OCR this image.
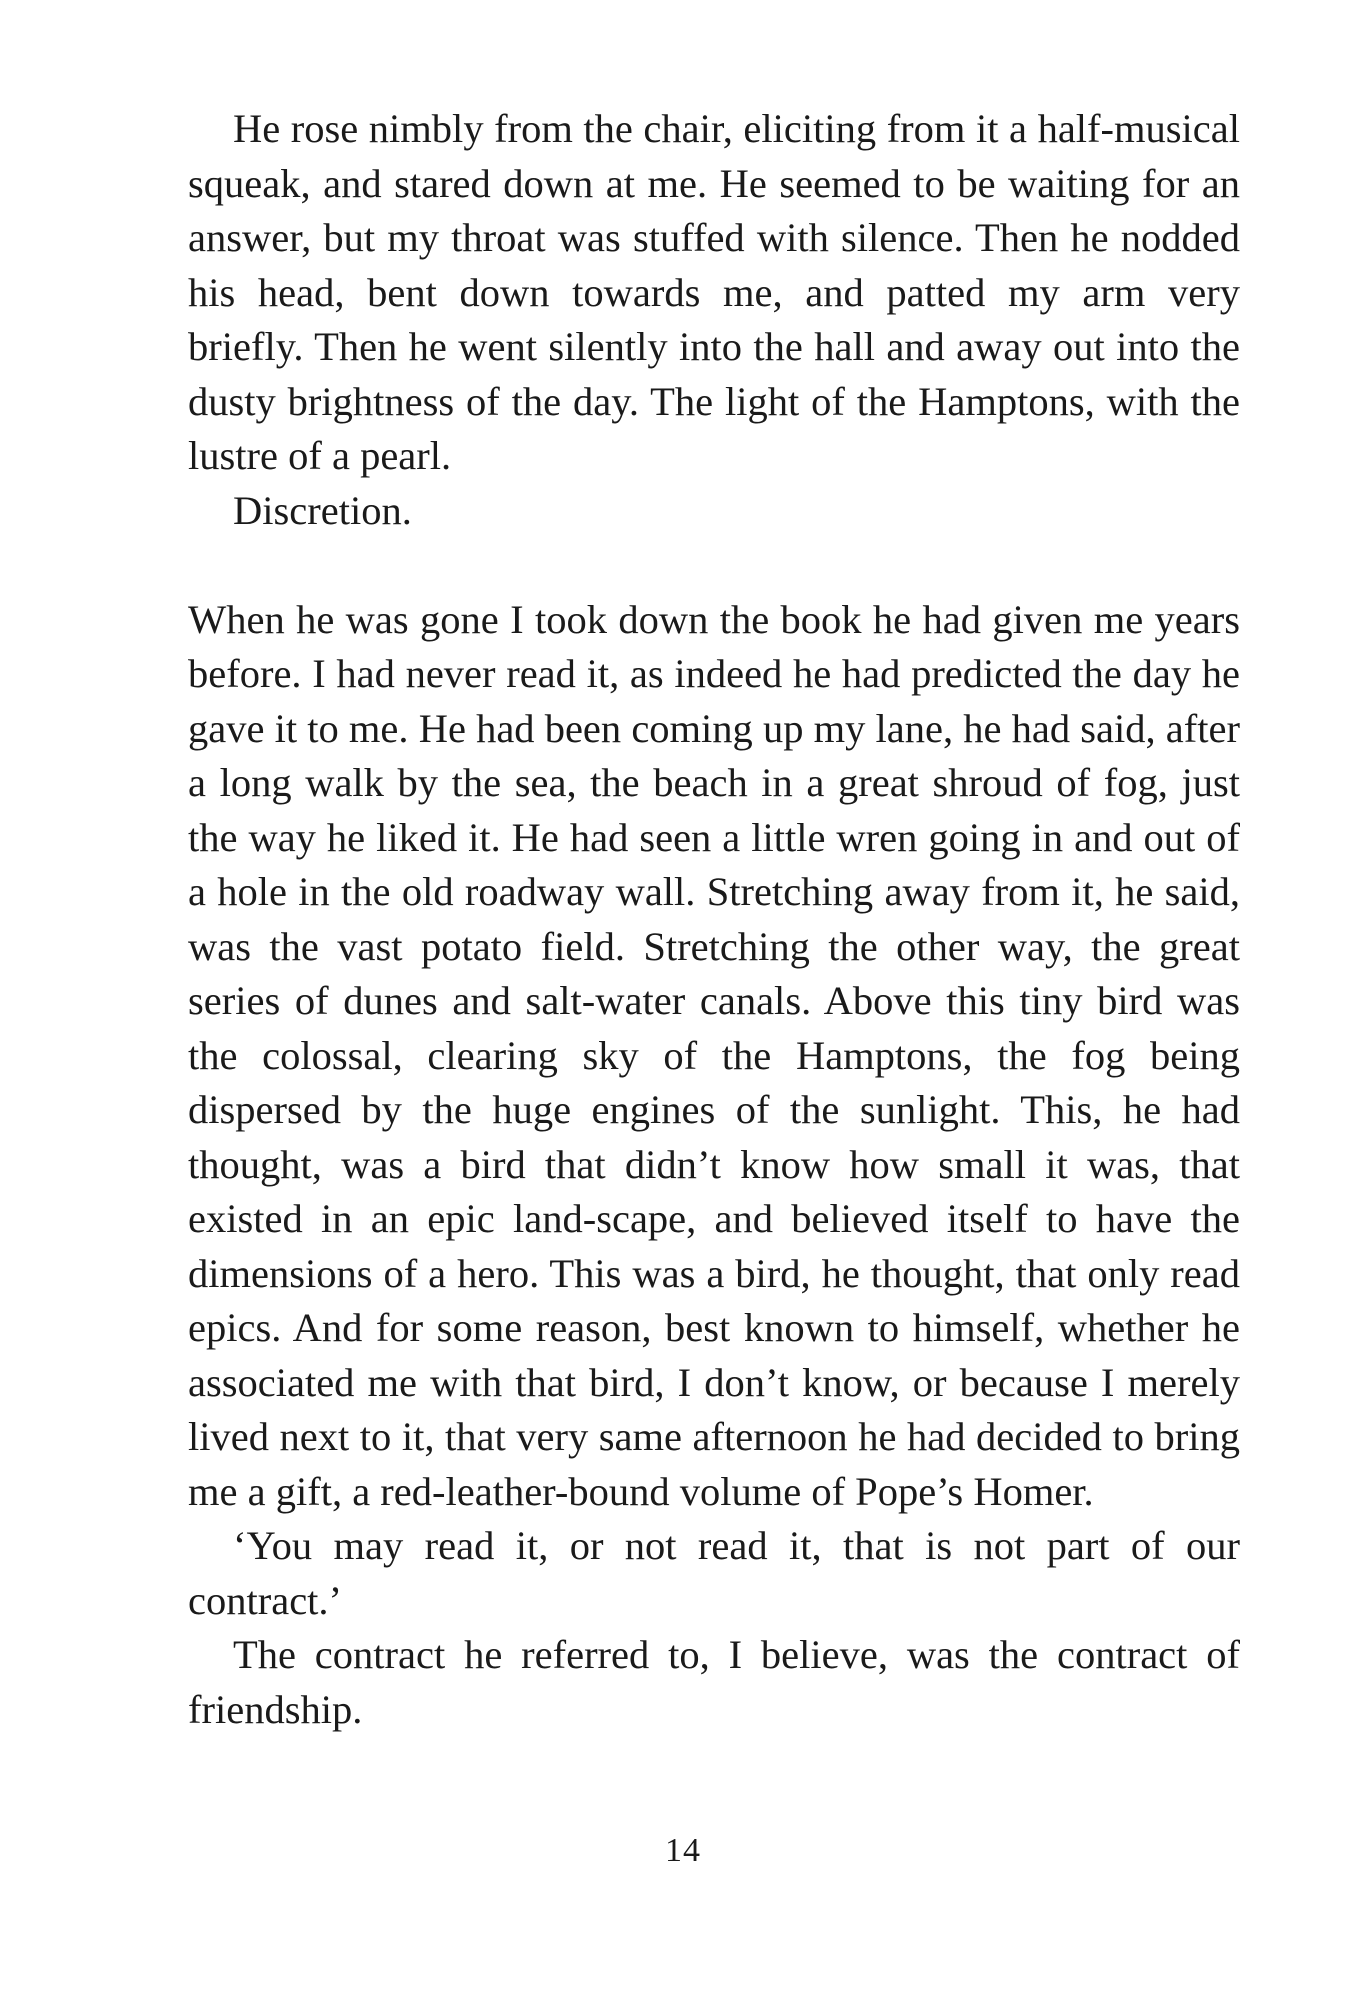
He rose nimbly from the chair, eliciting from it a half-musical squeak, and stared down at me. He seemed to be waiting for an answer, but my throat was stuffed with silence. Then he nodded his head, bent down towards me, and patted my arm very briefly. Then he went silently into the hall and away out into the dusty brightness of the day. The light of the Hamptons, with the lustre of a pearl.

Discretion.

When he was gone I took down the book he had given me years before. I had never read it, as indeed he had predicted the day he gave it to me. He had been coming up my lane, he had said, after a long walk by the sea, the beach in a great shroud of fog, just the way he liked it. He had seen a little wren going in and out of a hole in the old roadway wall. Stretching away from it, he said, was the vast potato field. Stretching the other way, the great series of dunes and salt-water canals. Above this tiny bird was the colossal, clearing sky of the Hamptons, the fog being dispersed by the huge engines of the sunlight. This, he had thought, was a bird that didn’t know how small it was, that existed in an epic land-scape, and believed itself to have the dimensions of a hero. This was a bird, he thought, that only read epics. And for some reason, best known to himself, whether he associated me with that bird, I don’t know, or because I merely lived next to it, that very same afternoon he had decided to bring me a gift, a red-leather-bound volume of Pope’s Homer.

‘You may read it, or not read it, that is not part of our contract.’

The contract he referred to, I believe, was the contract of friendship.

14
